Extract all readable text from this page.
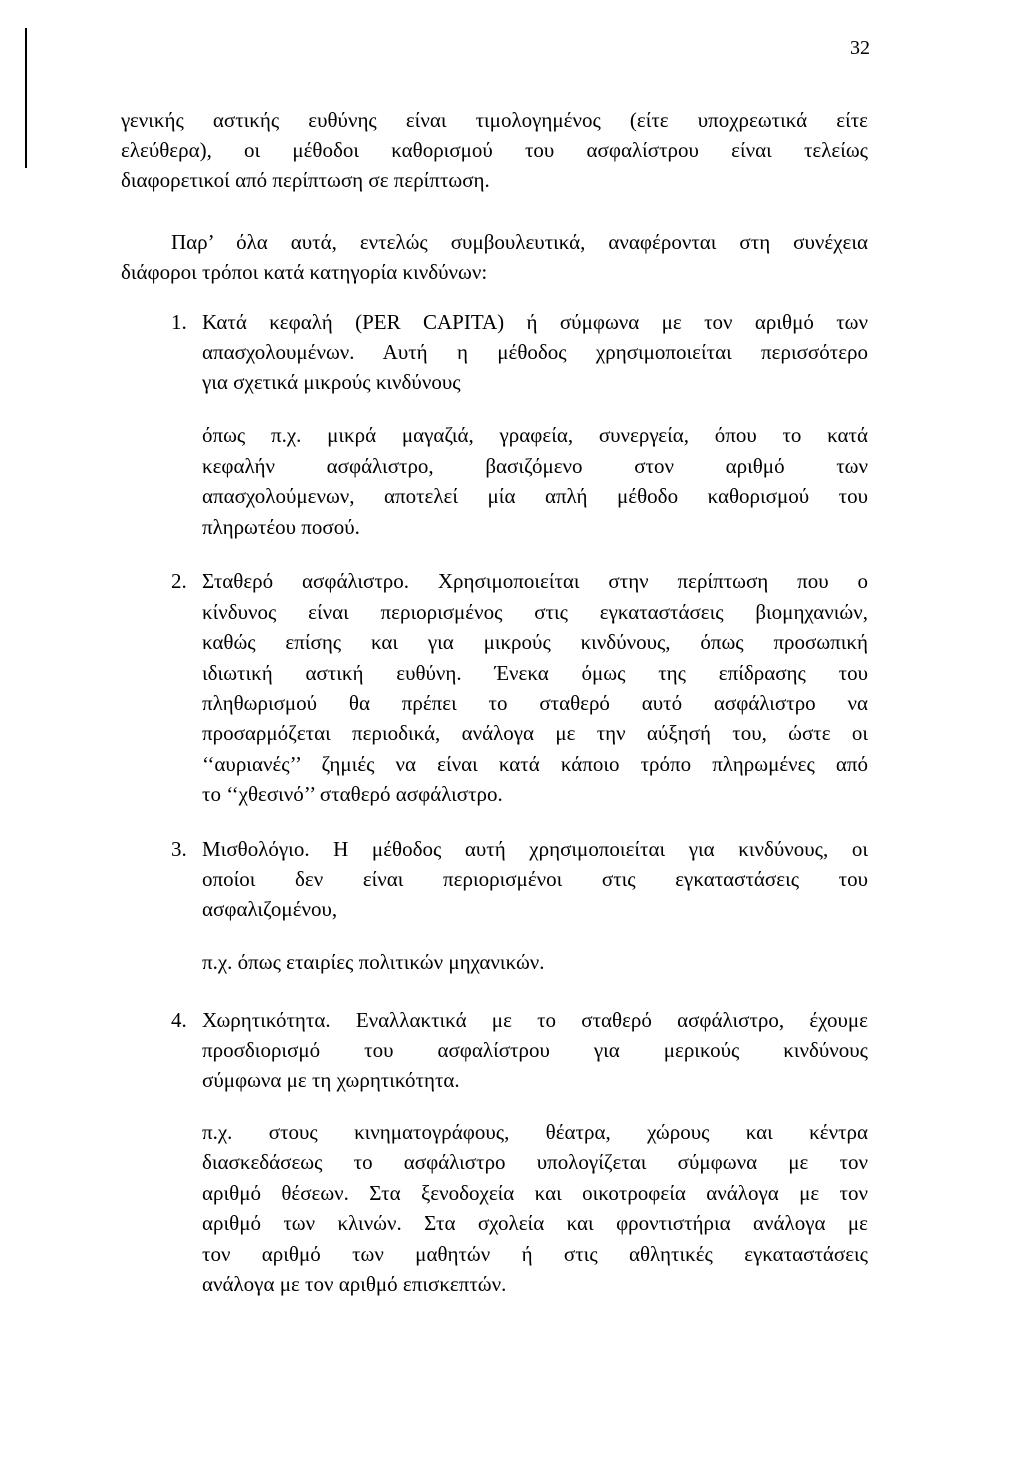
32
γενικής αστικής ευθύνης είναι τιμολογημένος (είτε υποχρεωτικά είτε
ελεύθερα), οι μέθοδοι καθορισμού του ασφαλίστρου είναι τελείως
διαφορετικοί από περίπτωση σε περίπτωση.
Παρ’ όλα αυτά, εντελώς συμβουλευτικά, αναφέρονται στη συνέχεια
διάφοροι τρόποι κατά κατηγορία κινδύνων:
1. Κατά κεφαλή (PER CAPITA) ή σύμφωνα με τον αριθμό των
απασχολουμένων. Αυτή η μέθοδος χρησιμοποιείται περισσότερο
για σχετικά μικρούς κινδύνους
όπως π.χ. μικρά μαγαζιά, γραφεία, συνεργεία, όπου το κατά
κεφαλήν ασφάλιστρο, βασιζόμενο στον αριθμό των
απασχολούμενων, αποτελεί μία απλή μέθοδο καθορισμού του
πληρωτέου ποσού.
2. Σταθερό ασφάλιστρο. Χρησιμοποιείται στην περίπτωση που ο
κίνδυνος είναι περιορισμένος στις εγκαταστάσεις βιομηχανιών,
καθώς επίσης και για μικρούς κινδύνους, όπως προσωπική
ιδιωτική αστική ευθύνη. Ένεκα όμως της επίδρασης του
πληθωρισμού θα πρέπει το σταθερό αυτό ασφάλιστρο να
προσαρμόζεται περιοδικά, ανάλογα με την αύξησή του, ώστε οι
‘‘αυριανές’’ ζημιές να είναι κατά κάποιο τρόπο πληρωμένες από
το ‘‘χθεσινό’’ σταθερό ασφάλιστρο.
3. Μισθολόγιο. Η μέθοδος αυτή χρησιμοποιείται για κινδύνους, οι
οποίοι δεν είναι περιορισμένοι στις εγκαταστάσεις του
ασφαλιζομένου,
π.χ. όπως εταιρίες πολιτικών μηχανικών.
4. Χωρητικότητα. Εναλλακτικά με το σταθερό ασφάλιστρο, έχουμε
προσδιορισμό του ασφαλίστρου για μερικούς κινδύνους
σύμφωνα με τη χωρητικότητα.
π.χ. στους κινηματογράφους, θέατρα, χώρους και κέντρα
διασκεδάσεως το ασφάλιστρο υπολογίζεται σύμφωνα με τον
αριθμό θέσεων. Στα ξενοδοχεία και οικοτροφεία ανάλογα με τον
αριθμό των κλινών. Στα σχολεία και φροντιστήρια ανάλογα με
τον αριθμό των μαθητών ή στις αθλητικές εγκαταστάσεις
ανάλογα με τον αριθμό επισκεπτών.
